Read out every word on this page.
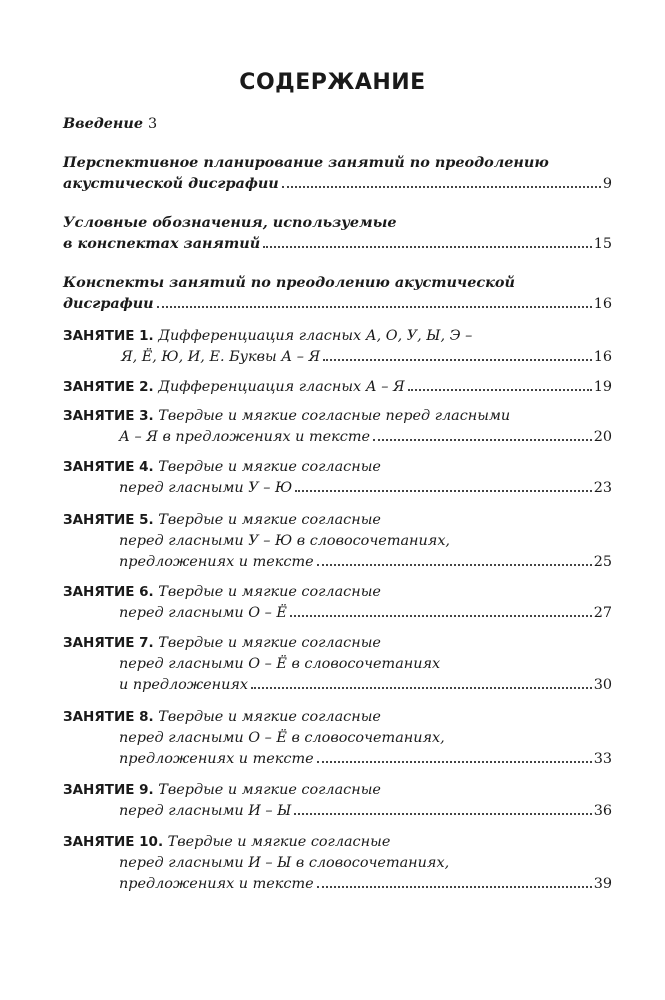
СОДЕРЖАНИЕ
Введение 3
Перспективное планирование занятий по преодолению
акустической дисграфии	9
Условные обозначения, используемые
в конспектах занятий	15
Конспекты занятий по преодолению акустической
дисграфии	16
ЗАНЯТИЕ 1.
Дифференциация гласных А, О, У, Ы, Э –
Я, Ё, Ю, И, Е. Буквы А – Я	16
ЗАНЯТИЕ 2.
Дифференциация гласных А – Я	19
ЗАНЯТИЕ 3.
Твердые и мягкие согласные перед гласными
А – Я в предложениях и тексте	20
ЗАНЯТИЕ 4.
Твердые и мягкие согласные
перед гласными У – Ю	23
ЗАНЯТИЕ 5.
Твердые и мягкие согласные
перед гласными У – Ю в словосочетаниях,
предложениях и тексте	25
ЗАНЯТИЕ 6.
Твердые и мягкие согласные
перед гласными О – Ё	27
ЗАНЯТИЕ 7.
Твердые и мягкие согласные
перед гласными О – Ё в словосочетаниях
и предложениях	30
ЗАНЯТИЕ 8.
Твердые и мягкие согласные
перед гласными О – Ё в словосочетаниях,
предложениях и тексте	33
ЗАНЯТИЕ 9.
Твердые и мягкие согласные
перед гласными И – Ы	36
ЗАНЯТИЕ 10.
Твердые и мягкие согласные
перед гласными И – Ы в словосочетаниях,
предложениях и тексте	39
